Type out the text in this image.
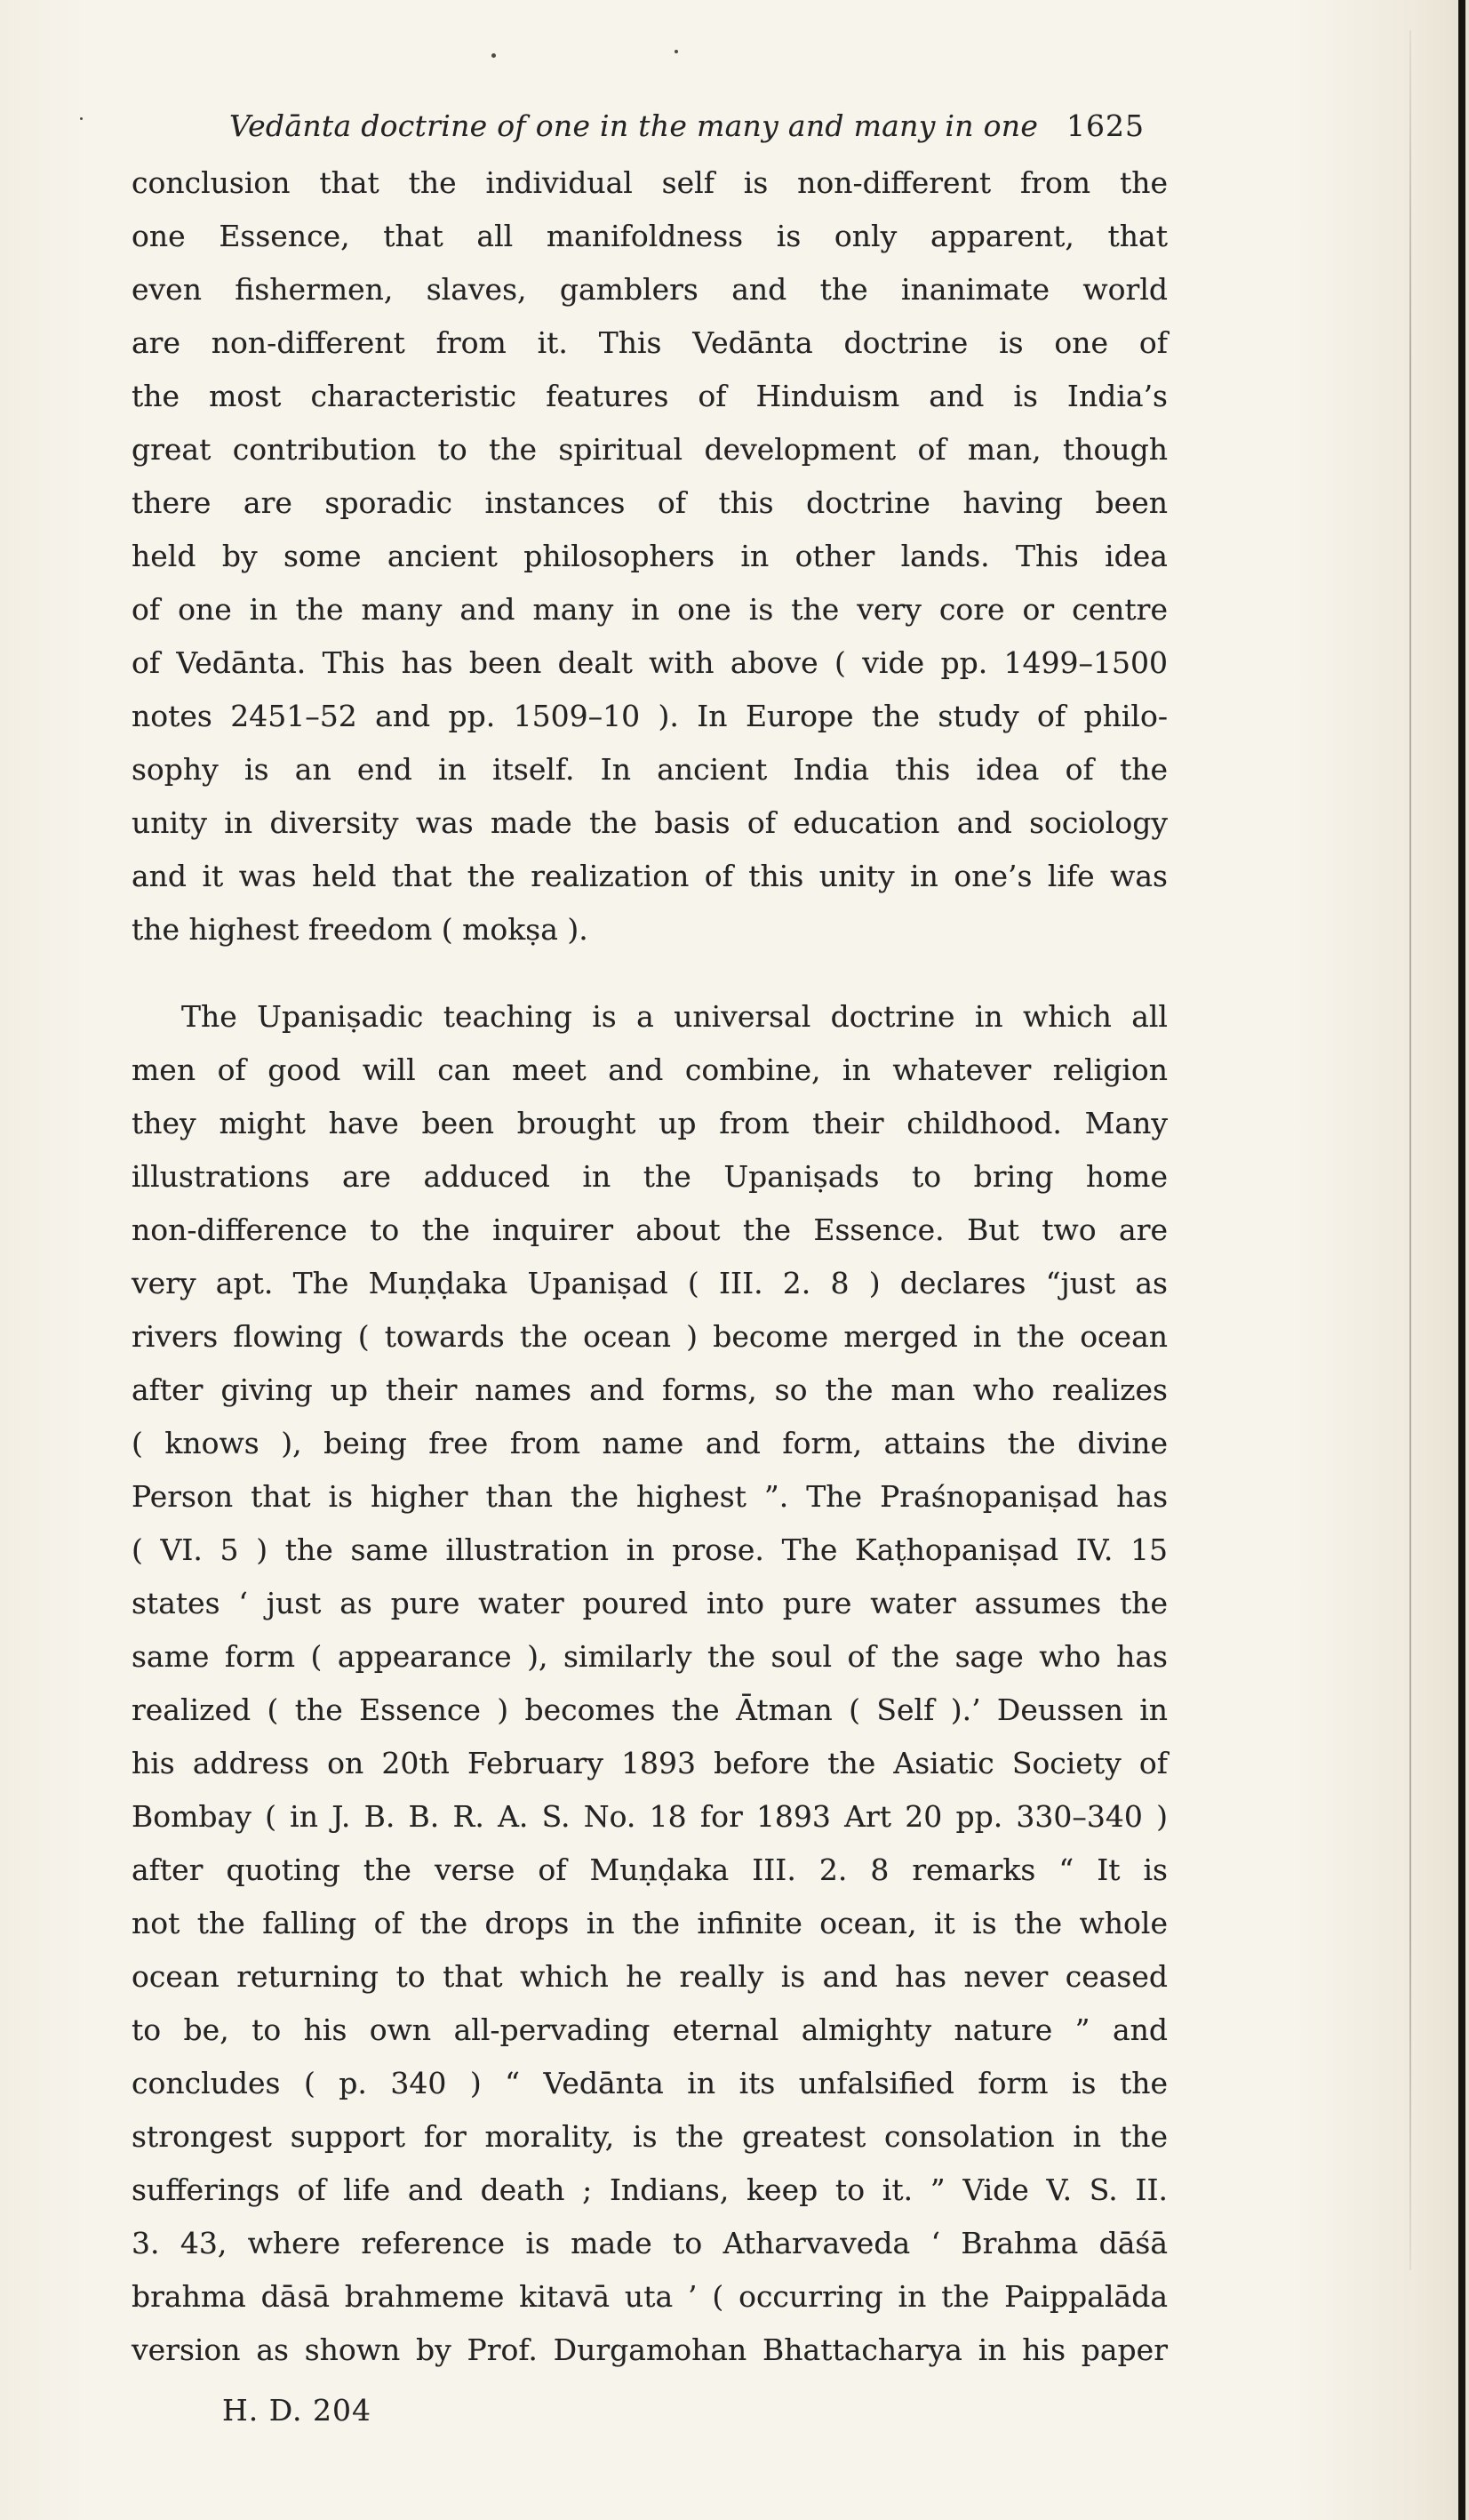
Vedānta doctrine of one in the many and many in one 1625

conclusion that the individual self is non-different from the
one Essence, that all manifoldness is only apparent, that
even fishermen, slaves, gamblers and the inanimate world
are non-different from it. This Vedānta doctrine is one of
the most characteristic features of Hinduism and is India’s
great contribution to the spiritual development of man, though
there are sporadic instances of this doctrine having been
held by some ancient philosophers in other lands. This idea
of one in the many and many in one is the very core or centre
of Vedānta. This has been dealt with above ( vide pp. 1499–1500
notes 2451–52 and pp. 1509–10 ). In Europe the study of philo-
sophy is an end in itself. In ancient India this idea of the
unity in diversity was made the basis of education and sociology
and it was held that the realization of this unity in one’s life was
the highest freedom ( mokṣa ).

The Upaniṣadic teaching is a universal doctrine in which all
men of good will can meet and combine, in whatever religion
they might have been brought up from their childhood. Many
illustrations are adduced in the Upaniṣads to bring home
non-difference to the inquirer about the Essence. But two are
very apt. The Muṇḍaka Upaniṣad ( III. 2. 8 ) declares “just as
rivers flowing ( towards the ocean ) become merged in the ocean
after giving up their names and forms, so the man who realizes
( knows ), being free from name and form, attains the divine
Person that is higher than the highest ”. The Praśnopaniṣad has
( VI. 5 ) the same illustration in prose. The Kaṭhopaniṣad IV. 15
states ‘ just as pure water poured into pure water assumes the
same form ( appearance ), similarly the soul of the sage who has
realized ( the Essence ) becomes the Ātman ( Self ).’ Deussen in
his address on 20th February 1893 before the Asiatic Society of
Bombay ( in J. B. B. R. A. S. No. 18 for 1893 Art 20 pp. 330–340 )
after quoting the verse of Muṇḍaka III. 2. 8 remarks “ It is
not the falling of the drops in the infinite ocean, it is the whole
ocean returning to that which he really is and has never ceased
to be, to his own all-pervading eternal almighty nature ” and
concludes ( p. 340 ) “ Vedānta in its unfalsified form is the
strongest support for morality, is the greatest consolation in the
sufferings of life and death ; Indians, keep to it. ” Vide V. S. II.
3. 43, where reference is made to Atharvaveda ‘ Brahma dāśā
brahma dāsā brahmeme kitavā uta ’ ( occurring in the Paippalāda
version as shown by Prof. Durgamohan Bhattacharya in his paper

H. D. 204
